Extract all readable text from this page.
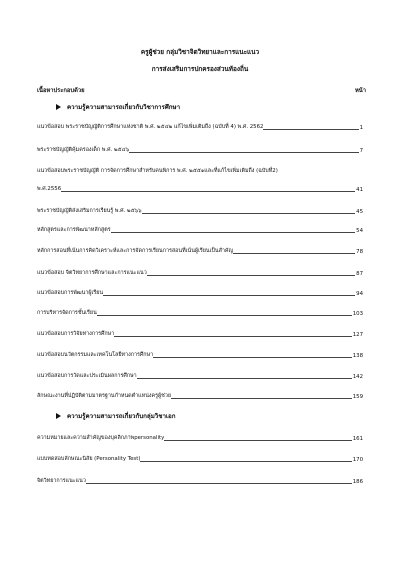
ครูผู้ช่วย กลุ่มวิชาจิตวิทยาและการแนะแนว
การส่งเสริมการปกครองส่วนท้องถิ่น
เนื้อหาประกอบด้วย	หน้า
ความรู้ความสามารถเกี่ยวกับวิชาการศึกษา
แนวข้อสอบ พระราชบัญญัติการศึกษาแห่งชาติ พ.ศ. ๒๕๔๒ แก้ไขเพิ่มเติมถึง (ฉบับที่ 4) พ.ศ. 2562	1
พระราชบัญญัติคุ้มครองเด็ก พ.ศ. ๒๕๔๖	7
แนวข้อสอบพระราชบัญญัติ การจัดการศึกษาสำหรับคนพิการ พ.ศ. ๒๕๕๑และที่แก้ไขเพิ่มเติมถึง (ฉบับที่2)
พ.ศ.2556	41
พระราชบัญญัติส่งเสริมการเรียนรู้ พ.ศ. ๒๕๖๖	45
หลักสูตรและการพัฒนาหลักสูตร	54
หลักการสอนที่เน้นการคิดวิเคราะห์และการจัดการเรียนการสอนที่เน้นผู้เรียนเป็นสำคัญ	78
แนวข้อสอบ จิตวิทยาการศึกษาและการแนะแนว	87
แนวข้อสอบการพัฒนาผู้เรียน	94
การบริหารจัดการชั้นเรียน	103
แนวข้อสอบการวิจัยทางการศึกษา	127
แนวข้อสอบนวัตกรรมและเทคโนโลยีทางการศึกษา	138
แนวข้อสอบการวัดและประเมินผลการศึกษา	142
ลักษณะงานที่ปฏิบัติตามมาตรฐานกำหนดตำแหน่งครูผู้ช่วย	159
ความรู้ความสามารถเกี่ยวกับกลุ่มวิชาเอก
ความหมายและความสำคัญของบุคลิกภาพpersonality	161
แบบทดสอบลักษณะนิสัย (Personality Test)	170
จิตวิทยาการแนะแนว	186
